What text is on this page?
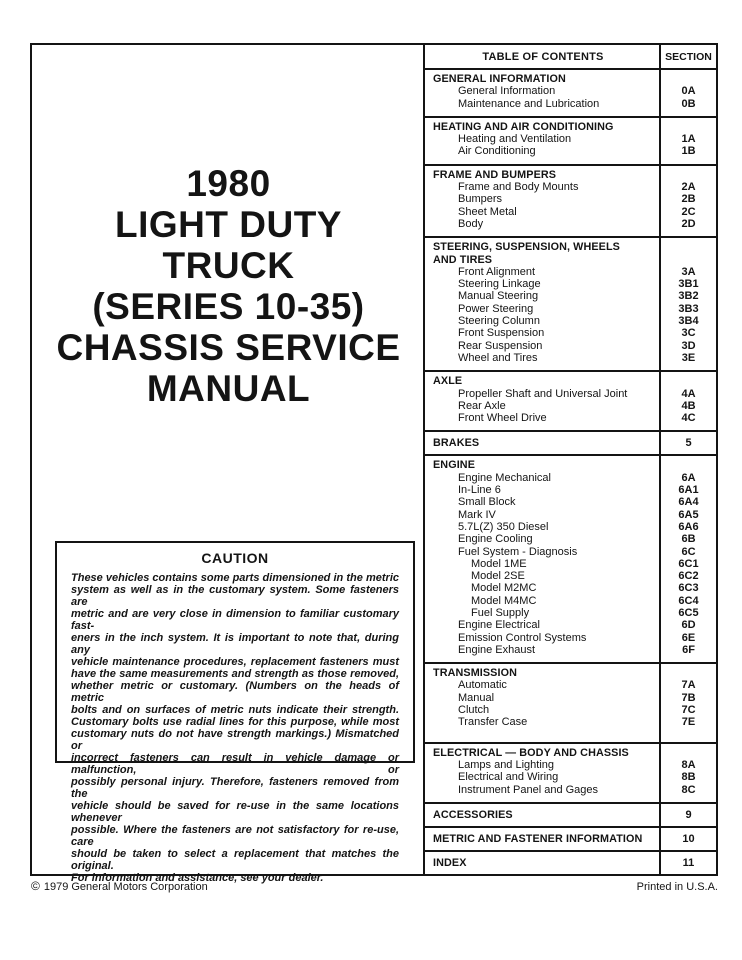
TABLE OF CONTENTS	SECTION
GENERAL INFORMATION
General Information	0A
Maintenance and Lubrication	0B
HEATING AND AIR CONDITIONING
Heating and Ventilation	1A
Air Conditioning	1B
FRAME AND BUMPERS
Frame and Body Mounts	2A
Bumpers	2B
Sheet Metal	2C
Body	2D
STEERING, SUSPENSION, WHEELS
AND TIRES
Front Alignment	3A
Steering Linkage	3B1
Manual Steering	3B2
Power Steering	3B3
Steering Column	3B4
Front Suspension	3C
Rear Suspension	3D
Wheel and Tires	3E
AXLE
Propeller Shaft and Universal Joint	4A
Rear Axle	4B
Front Wheel Drive	4C
BRAKES	5
ENGINE
Engine Mechanical	6A
In-Line 6	6A1
Small Block	6A4
Mark IV	6A5
5.7L(Z) 350 Diesel	6A6
Engine Cooling	6B
Fuel System - Diagnosis	6C
Model 1ME	6C1
Model 2SE	6C2
Model M2MC	6C3
Model M4MC	6C4
Fuel Supply	6C5
Engine Electrical	6D
Emission Control Systems	6E
Engine Exhaust	6F
TRANSMISSION
Automatic	7A
Manual	7B
Clutch	7C
Transfer Case	7E
ELECTRICAL — BODY AND CHASSIS
Lamps and Lighting	8A
Electrical and Wiring	8B
Instrument Panel and Gages	8C
ACCESSORIES	9
METRIC AND FASTENER INFORMATION	10
INDEX	11
1980
LIGHT DUTY
TRUCK
(SERIES 10-35)
CHASSIS SERVICE
MANUAL
CAUTION
These vehicles contains some parts dimensioned in the metric
system as well as in the customary system. Some fasteners are
metric and are very close in dimension to familiar customary fast-
eners in the inch system. It is important to note that, during any
vehicle maintenance procedures, replacement fasteners must
have the same measurements and strength as those removed,
whether metric or customary. (Numbers on the heads of metric
bolts and on surfaces of metric nuts indicate their strength.
Customary bolts use radial lines for this purpose, while most
customary nuts do not have strength markings.) Mismatched or
incorrect fasteners can result in vehicle damage or malfunction, or
possibly personal injury. Therefore, fasteners removed from the
vehicle should be saved for re-use in the same locations whenever
possible. Where the fasteners are not satisfactory for re-use, care
should be taken to select a replacement that matches the original.
For information and assistance, see your dealer.
© 1979 General Motors Corporation	Printed in U.S.A.
